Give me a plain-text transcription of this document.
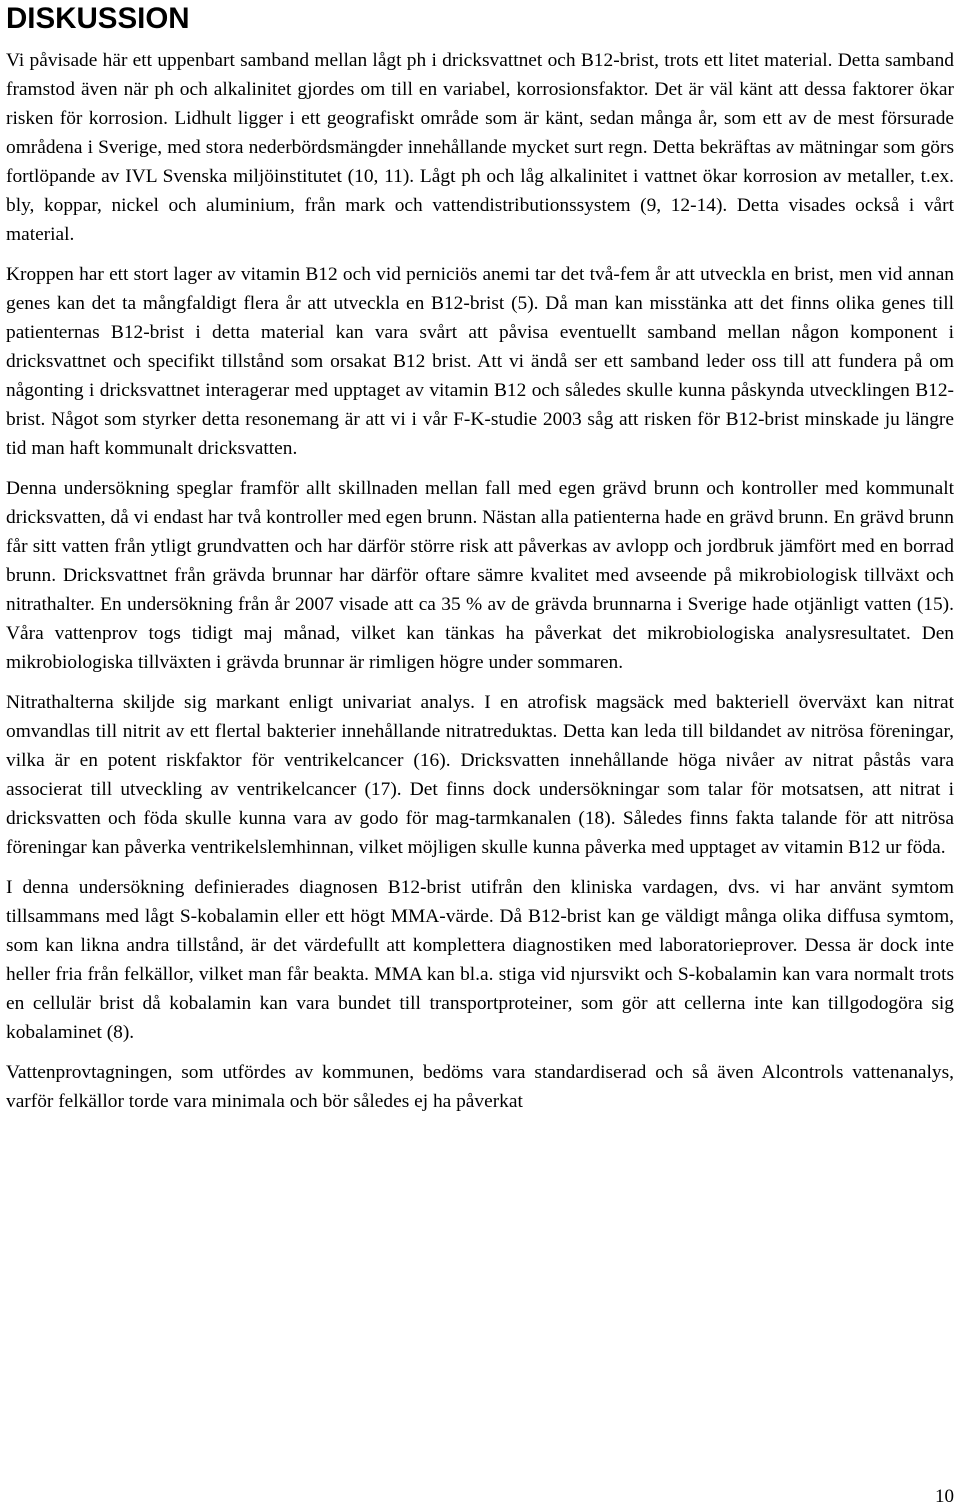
DISKUSSION

Vi påvisade här ett uppenbart samband mellan lågt ph i dricksvattnet och B12-brist, trots ett litet material. Detta samband framstod även när ph och alkalinitet gjordes om till en variabel, korrosionsfaktor. Det är väl känt att dessa faktorer ökar risken för korrosion. Lidhult ligger i ett geografiskt område som är känt, sedan många år, som ett av de mest försurade områdena i Sverige, med stora nederbördsmängder innehållande mycket surt regn. Detta bekräftas av mätningar som görs fortlöpande av IVL Svenska miljöinstitutet (10, 11). Lågt ph och låg alkalinitet i vattnet ökar korrosion av metaller, t.ex. bly, koppar, nickel och aluminium, från mark och vattendistributionssystem (9, 12-14). Detta visades också i vårt material.

Kroppen har ett stort lager av vitamin B12 och vid perniciös anemi tar det två-fem år att utveckla en brist, men vid annan genes kan det ta mångfaldigt flera år att utveckla en B12-brist (5). Då man kan misstänka att det finns olika genes till patienternas B12-brist i detta material kan vara svårt att påvisa eventuellt samband mellan någon komponent i dricksvattnet och specifikt tillstånd som orsakat B12 brist. Att vi ändå ser ett samband leder oss till att fundera på om någonting i dricksvattnet interagerar med upptaget av vitamin B12 och således skulle kunna påskynda utvecklingen B12-brist. Något som styrker detta resonemang är att vi i vår F-K-studie 2003 såg att risken för B12-brist minskade ju längre tid man haft kommunalt dricksvatten.

Denna undersökning speglar framför allt skillnaden mellan fall med egen grävd brunn och kontroller med kommunalt dricksvatten, då vi endast har två kontroller med egen brunn. Nästan alla patienterna hade en grävd brunn. En grävd brunn får sitt vatten från ytligt grundvatten och har därför större risk att påverkas av avlopp och jordbruk jämfört med en borrad brunn. Dricksvattnet från grävda brunnar har därför oftare sämre kvalitet med avseende på mikrobiologisk tillväxt och nitrathalter. En undersökning från år 2007 visade att ca 35 % av de grävda brunnarna i Sverige hade otjänligt vatten (15). Våra vattenprov togs tidigt maj månad, vilket kan tänkas ha påverkat det mikrobiologiska analysresultatet. Den mikrobiologiska tillväxten i grävda brunnar är rimligen högre under sommaren.

Nitrathalterna skiljde sig markant enligt univariat analys. I en atrofisk magsäck med bakteriell överväxt kan nitrat omvandlas till nitrit av ett flertal bakterier innehållande nitratreduktas. Detta kan leda till bildandet av nitrösa föreningar, vilka är en potent riskfaktor för ventrikelcancer (16). Dricksvatten innehållande höga nivåer av nitrat påstås vara associerat till utveckling av ventrikelcancer (17). Det finns dock undersökningar som talar för motsatsen, att nitrat i dricksvatten och föda skulle kunna vara av godo för mag-tarmkanalen (18). Således finns fakta talande för att nitrösa föreningar kan påverka ventrikelslemhinnan, vilket möjligen skulle kunna påverka med upptaget av vitamin B12 ur föda.

I denna undersökning definierades diagnosen B12-brist utifrån den kliniska vardagen, dvs. vi har använt symtom tillsammans med lågt S-kobalamin eller ett högt MMA-värde. Då B12-brist kan ge väldigt många olika diffusa symtom, som kan likna andra tillstånd, är det värdefullt att komplettera diagnostiken med laboratorieprover. Dessa är dock inte heller fria från felkällor, vilket man får beakta. MMA kan bl.a. stiga vid njursvikt och S-kobalamin kan vara normalt trots en cellulär brist då kobalamin kan vara bundet till transportproteiner, som gör att cellerna inte kan tillgodogöra sig kobalaminet (8).

Vattenprovtagningen, som utfördes av kommunen, bedöms vara standardiserad och så även Alcontrols vattenanalys, varför felkällor torde vara minimala och bör således ej ha påverkat

10
